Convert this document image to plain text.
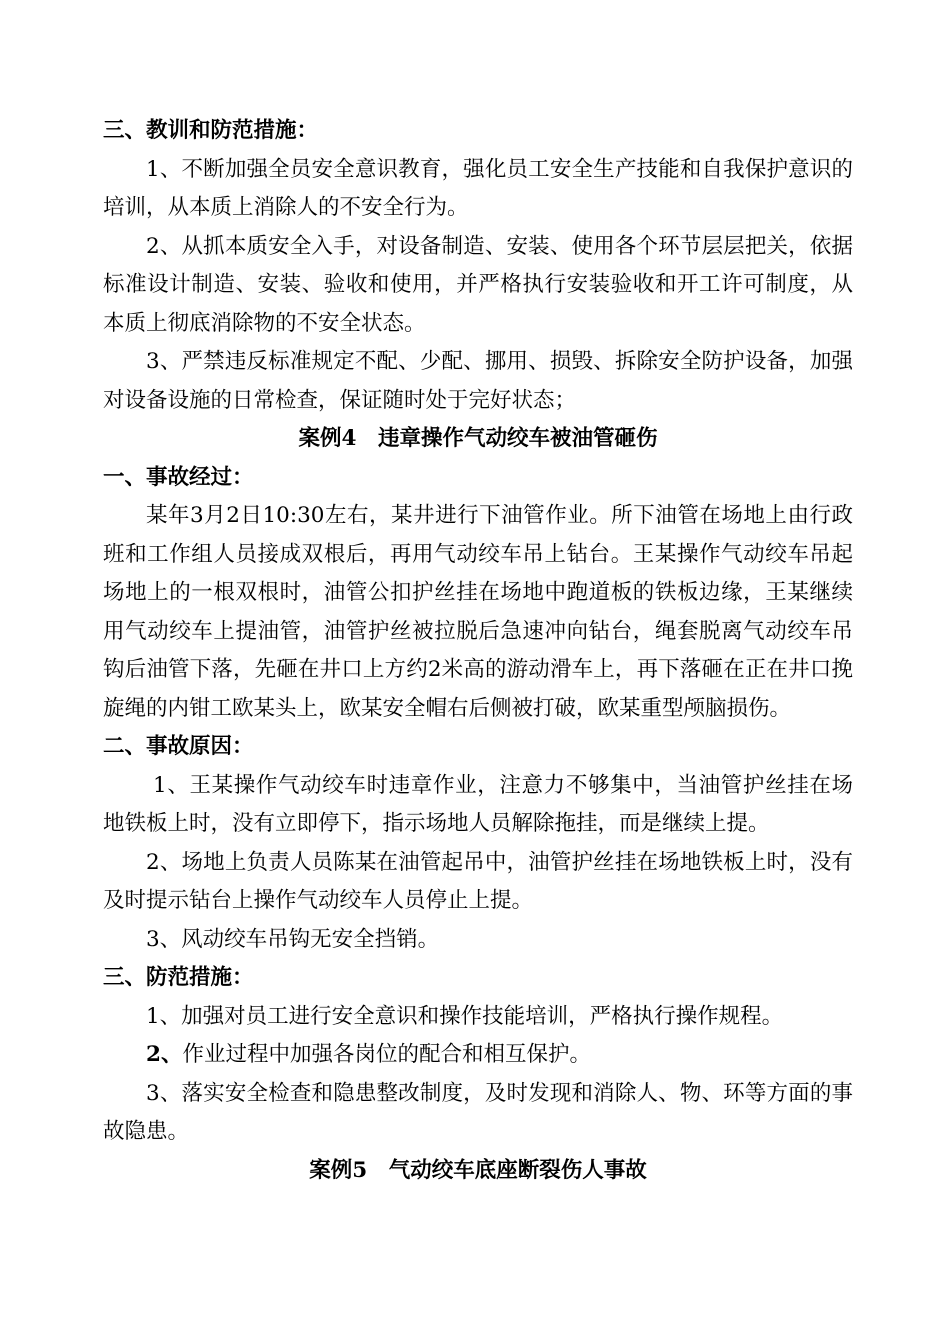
三、教训和防范措施：

1、不断加强全员安全意识教育，强化员工安全生产技能和自我保护意识的培训，从本质上消除人的不安全行为。

2、从抓本质安全入手，对设备制造、安装、使用各个环节层层把关，依据标准设计制造、安装、验收和使用，并严格执行安装验收和开工许可制度，从本质上彻底消除物的不安全状态。

3、严禁违反标准规定不配、少配、挪用、损毁、拆除安全防护设备，加强对设备设施的日常检查，保证随时处于完好状态；

案例4　违章操作气动绞车被油管砸伤

一、事故经过：

某年3月2日10:30左右，某井进行下油管作业。所下油管在场地上由行政班和工作组人员接成双根后，再用气动绞车吊上钻台。王某操作气动绞车吊起场地上的一根双根时，油管公扣护丝挂在场地中跑道板的铁板边缘，王某继续用气动绞车上提油管，油管护丝被拉脱后急速冲向钻台，绳套脱离气动绞车吊钩后油管下落，先砸在井口上方约2米高的游动滑车上，再下落砸在正在井口挽旋绳的内钳工欧某头上，欧某安全帽右后侧被打破，欧某重型颅脑损伤。

二、事故原因：

1、王某操作气动绞车时违章作业，注意力不够集中，当油管护丝挂在场地铁板上时，没有立即停下，指示场地人员解除拖挂，而是继续上提。

2、场地上负责人员陈某在油管起吊中，油管护丝挂在场地铁板上时，没有及时提示钻台上操作气动绞车人员停止上提。

3、风动绞车吊钩无安全挡销。

三、防范措施：

1、加强对员工进行安全意识和操作技能培训，严格执行操作规程。

2、作业过程中加强各岗位的配合和相互保护。

3、落实安全检查和隐患整改制度，及时发现和消除人、物、环等方面的事故隐患。

案例5　气动绞车底座断裂伤人事故
